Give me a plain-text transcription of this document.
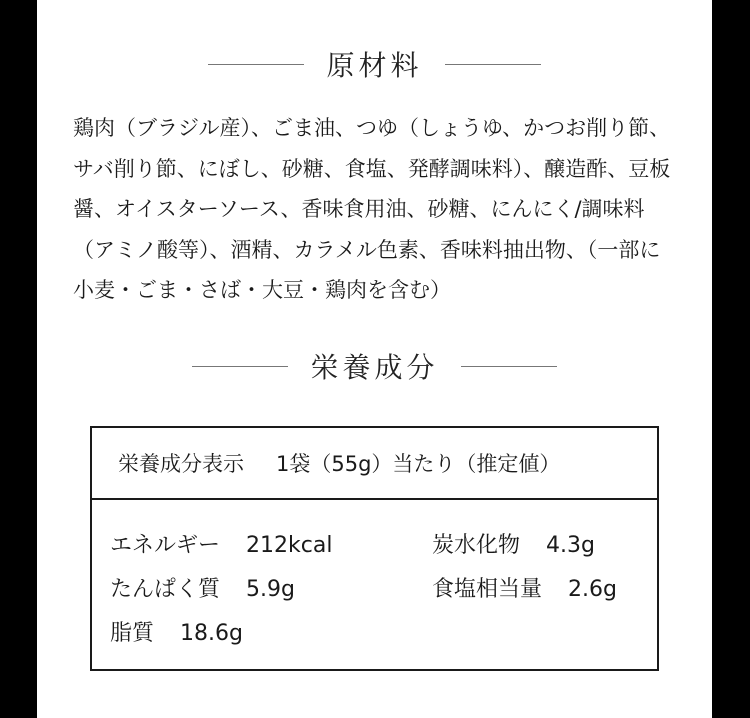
原材料

鶏肉（ブラジル産）、ごま油、つゆ（しょうゆ、かつお削り節、サバ削り節、にぼし、砂糖、食塩、発酵調味料）、醸造酢、豆板醤、オイスターソース、香味食用油、砂糖、にんにく/調味料（アミノ酸等）、酒精、カラメル色素、香味料抽出物、（一部に小麦・ごま・さば・大豆・鶏肉を含む）

栄養成分
栄養成分表示 1袋（55g）当たり（推定値）
エネルギー 212kcal	炭水化物 4.3g
たんぱく質 5.9g	食塩相当量 2.6g
脂質 18.6g
